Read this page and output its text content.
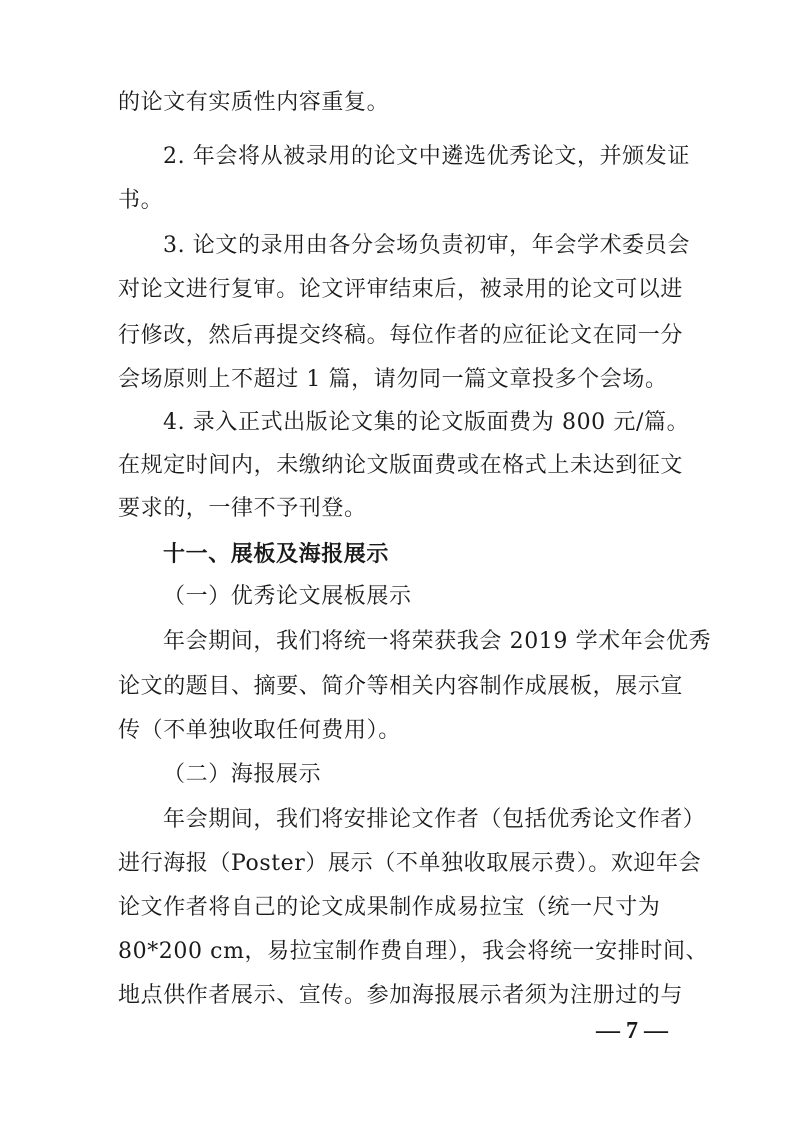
的论文有实质性内容重复。
2. 年会将从被录用的论文中遴选优秀论文，并颁发证
书。
3. 论文的录用由各分会场负责初审，年会学术委员会
对论文进行复审。论文评审结束后，被录用的论文可以进
行修改，然后再提交终稿。每位作者的应征论文在同一分
会场原则上不超过 1 篇，请勿同一篇文章投多个会场。
4. 录入正式出版论文集的论文版面费为 800 元/篇。
在规定时间内，未缴纳论文版面费或在格式上未达到征文
要求的，一律不予刊登。
十一、展板及海报展示
（一）优秀论文展板展示
年会期间，我们将统一将荣获我会 2019 学术年会优秀
论文的题目、摘要、简介等相关内容制作成展板，展示宣
传（不单独收取任何费用）。
（二）海报展示
年会期间，我们将安排论文作者（包括优秀论文作者）
进行海报（Poster）展示（不单独收取展示费）。欢迎年会
论文作者将自己的论文成果制作成易拉宝（统一尺寸为
80*200 cm，易拉宝制作费自理），我会将统一安排时间、
地点供作者展示、宣传。参加海报展示者须为注册过的与
— 7 —
